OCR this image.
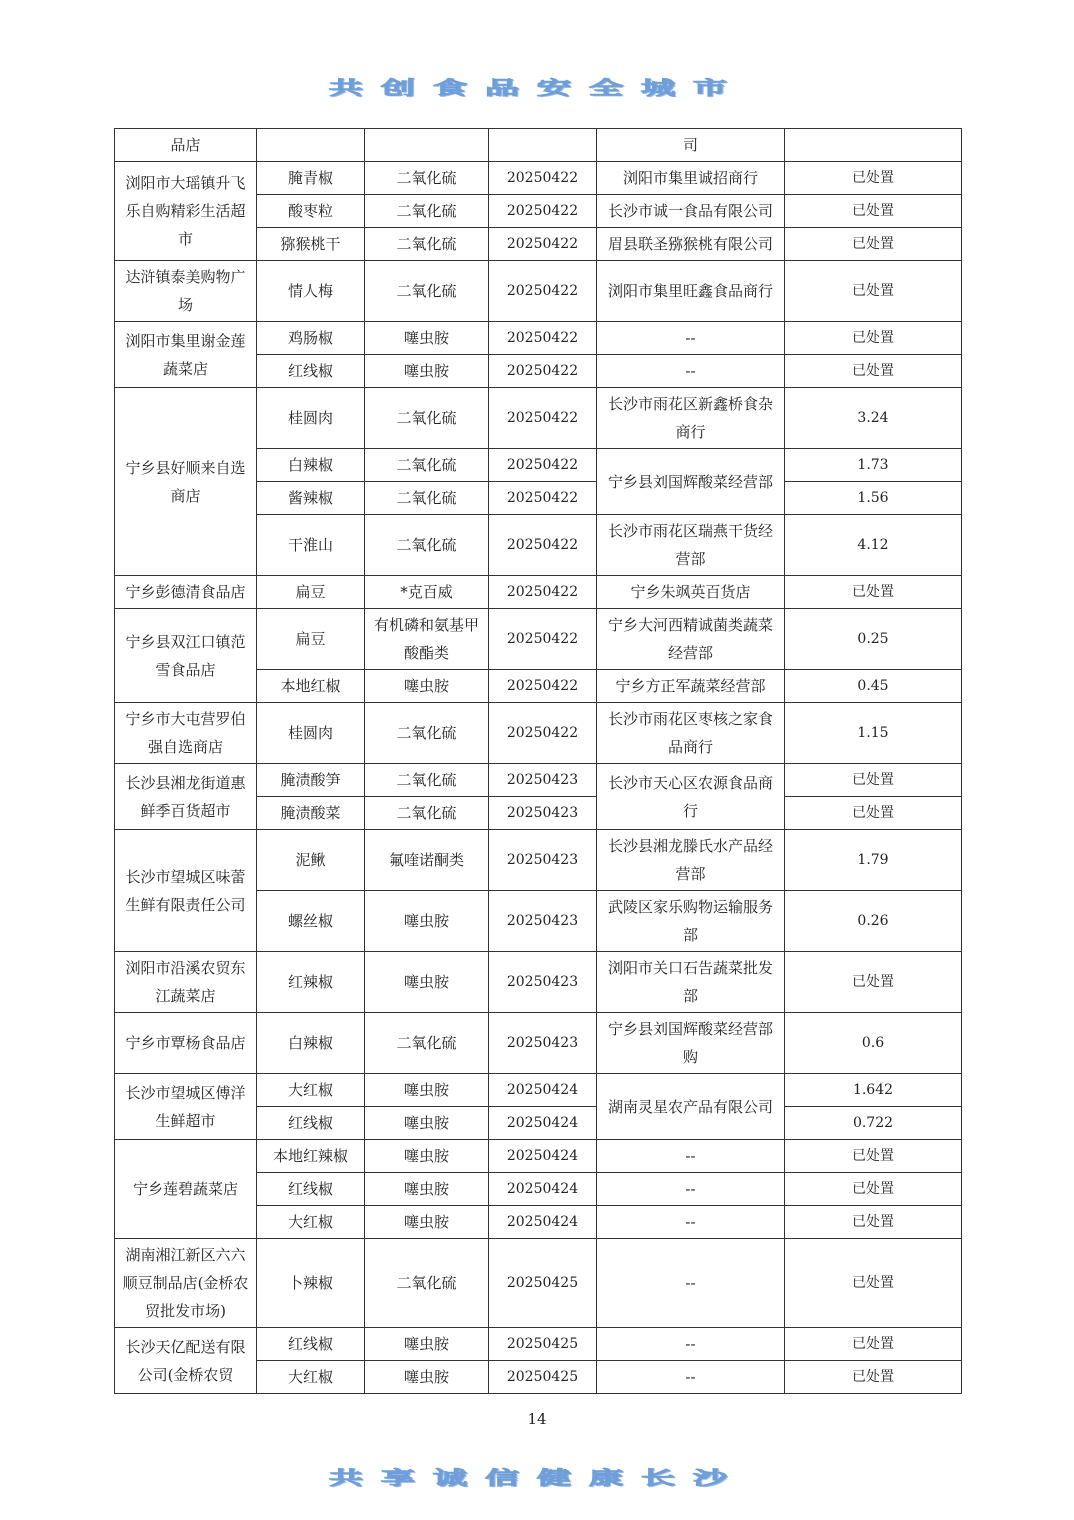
共创食品安全城市
品店				司	
浏阳市大瑶镇升飞乐自购精彩生活超市	腌青椒	二氧化硫	20250422	浏阳市集里诚招商行	已处置
	酸枣粒	二氧化硫	20250422	长沙市诚一食品有限公司	已处置
	猕猴桃干	二氧化硫	20250422	眉县联圣猕猴桃有限公司	已处置
达浒镇泰美购物广场	情人梅	二氧化硫	20250422	浏阳市集里旺鑫食品商行	已处置
浏阳市集里谢金莲蔬菜店	鸡肠椒	噻虫胺	20250422	--	已处置
	红线椒	噻虫胺	20250422	--	已处置
宁乡县好顺来自选商店	桂圆肉	二氧化硫	20250422	长沙市雨花区新鑫桥食杂商行	3.24
	白辣椒	二氧化硫	20250422	宁乡县刘国辉酸菜经营部	1.73
	酱辣椒	二氧化硫	20250422		1.56
	干淮山	二氧化硫	20250422	长沙市雨花区瑞燕干货经营部	4.12
宁乡彭德清食品店	扁豆	*克百威	20250422	宁乡朱飒英百货店	已处置
宁乡县双江口镇范雪食品店	扁豆	有机磷和氨基甲酸酯类	20250422	宁乡大河西精诚菌类蔬菜经营部	0.25
	本地红椒	噻虫胺	20250422	宁乡方正军蔬菜经营部	0.45
宁乡市大屯营罗伯强自选商店	桂圆肉	二氧化硫	20250422	长沙市雨花区枣核之家食品商行	1.15
长沙县湘龙街道惠鲜季百货超市	腌渍酸笋	二氧化硫	20250423	长沙市天心区农源食品商行	已处置
	腌渍酸菜	二氧化硫	20250423		已处置
长沙市望城区味蕾生鲜有限责任公司	泥鳅	氟喹诺酮类	20250423	长沙县湘龙滕氏水产品经营部	1.79
	螺丝椒	噻虫胺	20250423	武陵区家乐购物运输服务部	0.26
浏阳市沿溪农贸东江蔬菜店	红辣椒	噻虫胺	20250423	浏阳市关口石告蔬菜批发部	已处置
宁乡市覃杨食品店	白辣椒	二氧化硫	20250423	宁乡县刘国辉酸菜经营部购	0.6
长沙市望城区傅洋生鲜超市	大红椒	噻虫胺	20250424	湖南灵星农产品有限公司	1.642
	红线椒	噻虫胺	20250424		0.722
宁乡莲碧蔬菜店	本地红辣椒	噻虫胺	20250424	--	已处置
	红线椒	噻虫胺	20250424	--	已处置
	大红椒	噻虫胺	20250424	--	已处置
湖南湘江新区六六顺豆制品店(金桥农贸批发市场)	卜辣椒	二氧化硫	20250425	--	已处置
长沙天亿配送有限公司(金桥农贸	红线椒	噻虫胺	20250425	--	已处置
	大红椒	噻虫胺	20250425	--	已处置
14
共享诚信健康长沙
